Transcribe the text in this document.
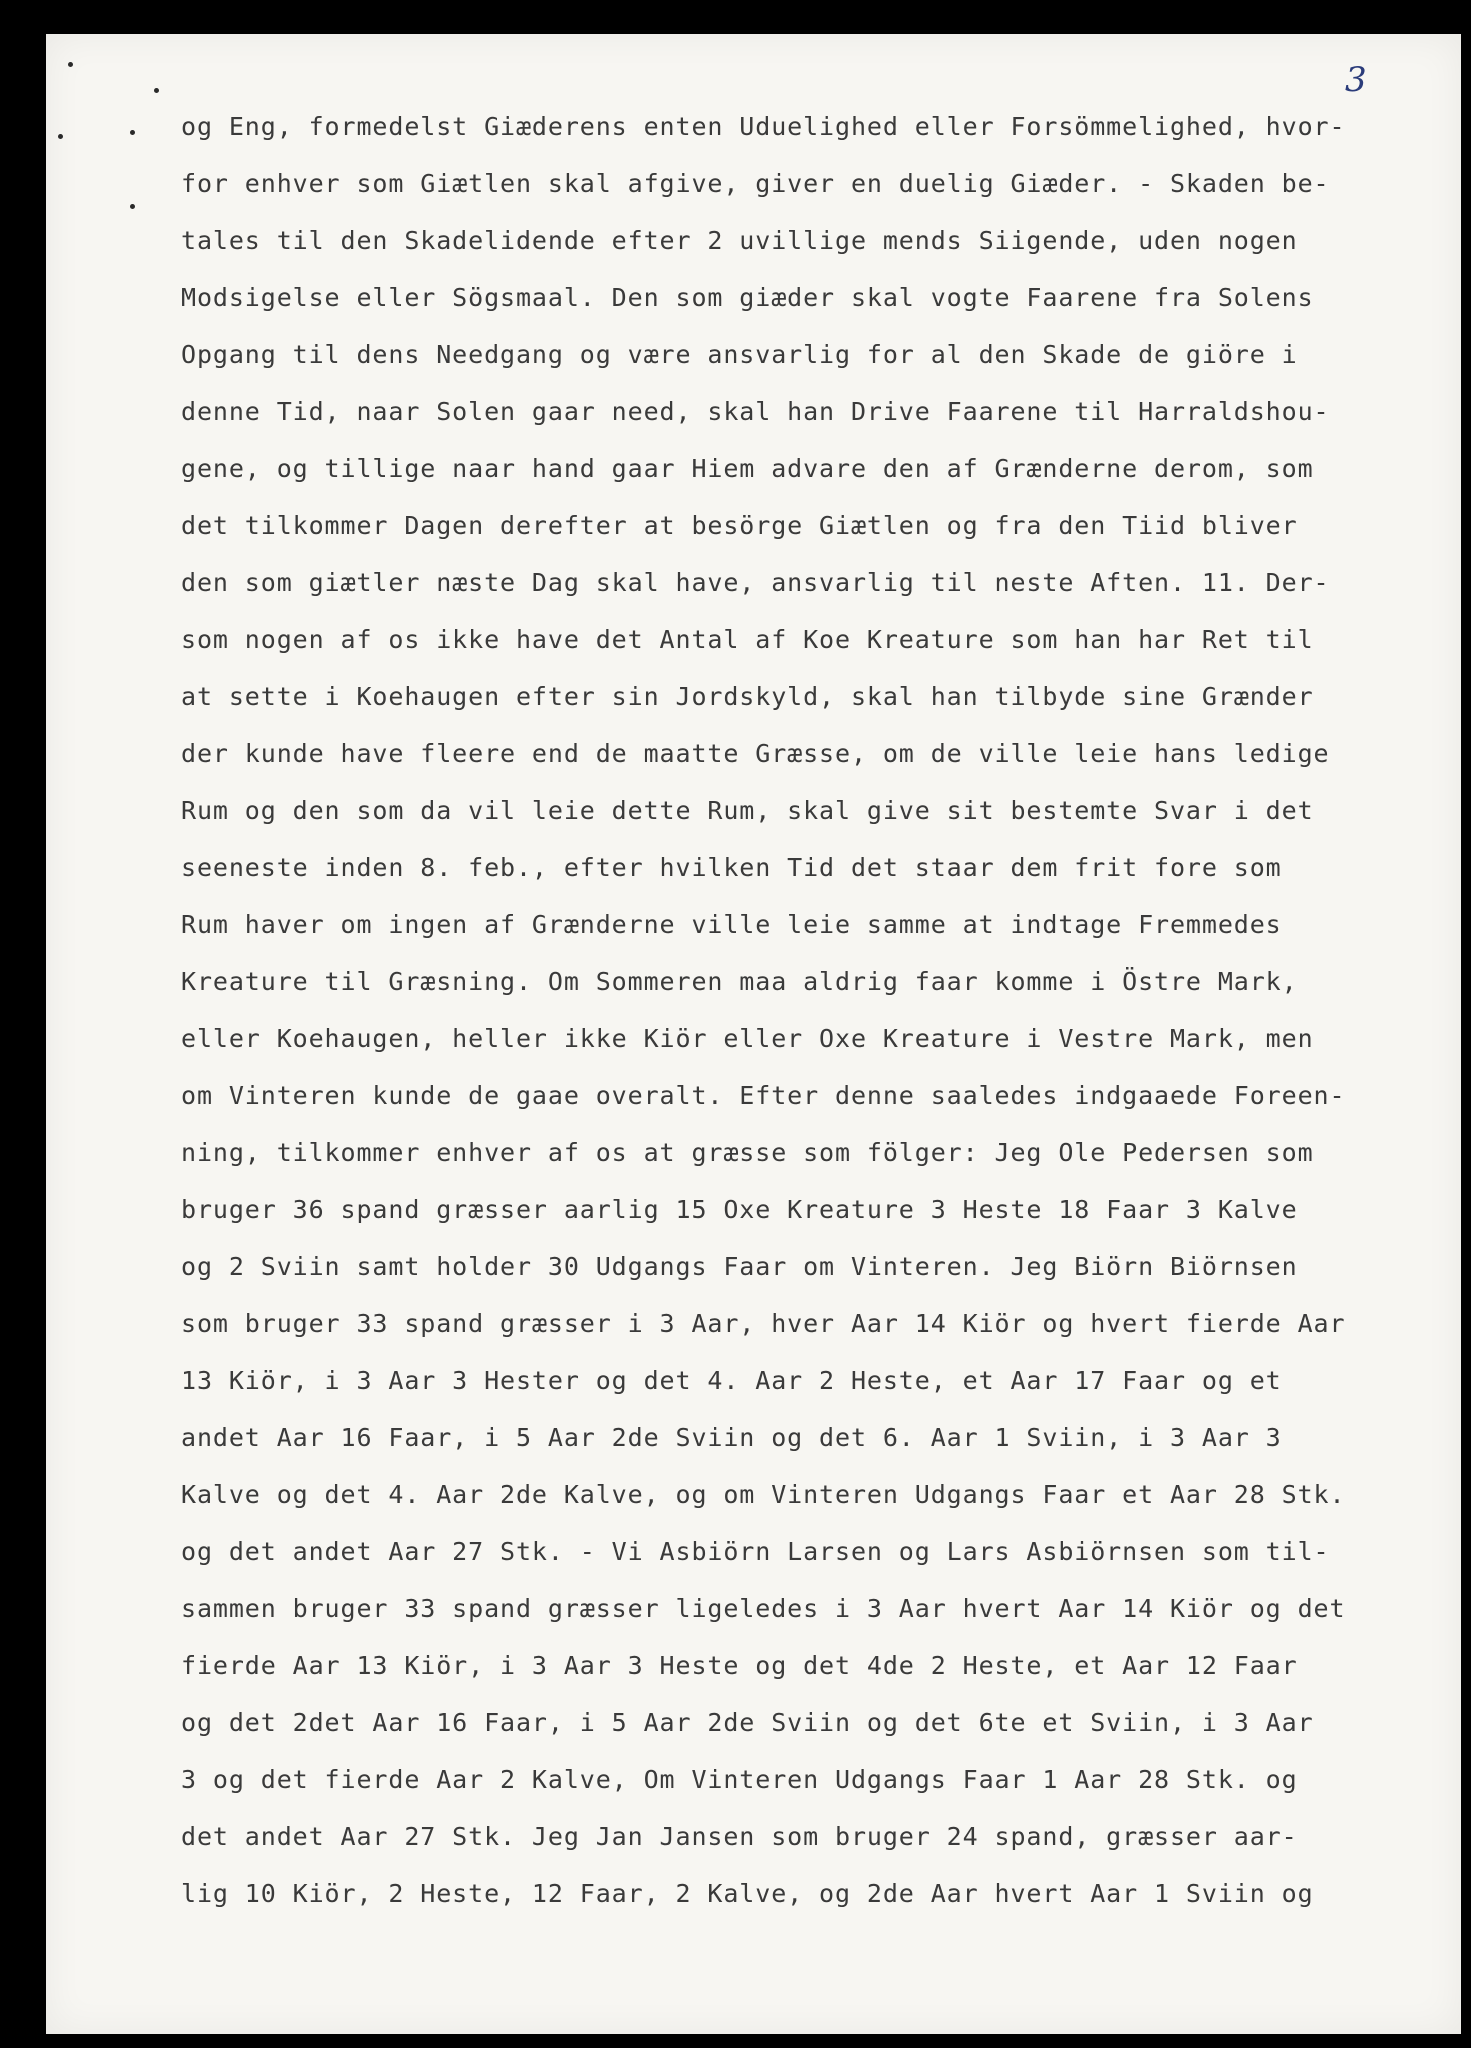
3
og Eng, formedelst Giæderens enten Uduelighed eller Forsömmelighed, hvor-
for enhver som Giætlen skal afgive, giver en duelig Giæder. - Skaden be-
tales til den Skadelidende efter 2 uvillige mends Siigende, uden nogen
Modsigelse eller Sögsmaal. Den som giæder skal vogte Faarene fra Solens
Opgang til dens Needgang og være ansvarlig for al den Skade de giöre i
denne Tid, naar Solen gaar need, skal han Drive Faarene til Harraldshou-
gene, og tillige naar hand gaar Hiem advare den af Grænderne derom, som
det tilkommer Dagen derefter at besörge Giætlen og fra den Tiid bliver
den som giætler næste Dag skal have, ansvarlig til neste Aften. 11. Der-
som nogen af os ikke have det Antal af Koe Kreature som han har Ret til
at sette i Koehaugen efter sin Jordskyld, skal han tilbyde sine Grænder
der kunde have fleere end de maatte Græsse, om de ville leie hans ledige
Rum og den som da vil leie dette Rum, skal give sit bestemte Svar i det
seeneste inden 8. feb., efter hvilken Tid det staar dem frit fore som
Rum haver om ingen af Grænderne ville leie samme at indtage Fremmedes
Kreature til Græsning. Om Sommeren maa aldrig faar komme i Östre Mark,
eller Koehaugen, heller ikke Kiör eller Oxe Kreature i Vestre Mark, men
om Vinteren kunde de gaae overalt. Efter denne saaledes indgaaede Foreen-
ning, tilkommer enhver af os at græsse som fölger: Jeg Ole Pedersen som
bruger 36 spand græsser aarlig 15 Oxe Kreature 3 Heste 18 Faar 3 Kalve
og 2 Sviin samt holder 30 Udgangs Faar om Vinteren. Jeg Biörn Biörnsen
som bruger 33 spand græsser i 3 Aar, hver Aar 14 Kiör og hvert fierde Aar
13 Kiör, i 3 Aar 3 Hester og det 4. Aar 2 Heste, et Aar 17 Faar og et
andet Aar 16 Faar, i 5 Aar 2de Sviin og det 6. Aar 1 Sviin, i 3 Aar 3
Kalve og det 4. Aar 2de Kalve, og om Vinteren Udgangs Faar et Aar 28 Stk.
og det andet Aar 27 Stk. - Vi Asbiörn Larsen og Lars Asbiörnsen som til-
sammen bruger 33 spand græsser ligeledes i 3 Aar hvert Aar 14 Kiör og det
fierde Aar 13 Kiör, i 3 Aar 3 Heste og det 4de 2 Heste, et Aar 12 Faar
og det 2det Aar 16 Faar, i 5 Aar 2de Sviin og det 6te et Sviin, i 3 Aar
3 og det fierde Aar 2 Kalve, Om Vinteren Udgangs Faar 1 Aar 28 Stk. og
det andet Aar 27 Stk. Jeg Jan Jansen som bruger 24 spand, græsser aar-
lig 10 Kiör, 2 Heste, 12 Faar, 2 Kalve, og 2de Aar hvert Aar 1 Sviin og
